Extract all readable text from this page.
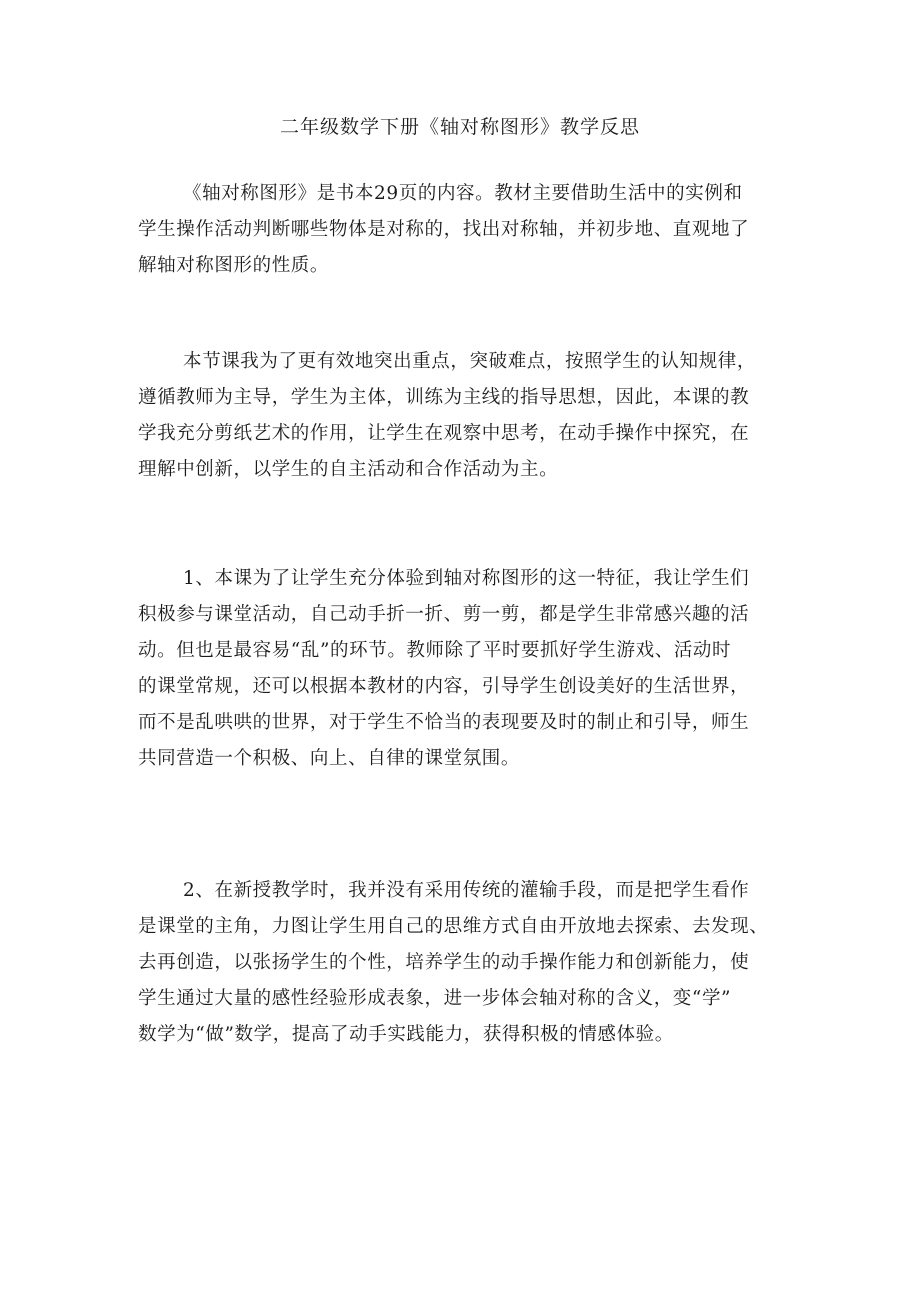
二年级数学下册《轴对称图形》教学反思
《轴对称图形》是书本29页的内容。教材主要借助生活中的实例和
学生操作活动判断哪些物体是对称的，找出对称轴，并初步地、直观地了
解轴对称图形的性质。
本节课我为了更有效地突出重点，突破难点，按照学生的认知规律，
遵循教师为主导，学生为主体，训练为主线的指导思想，因此，本课的教
学我充分剪纸艺术的作用，让学生在观察中思考，在动手操作中探究，在
理解中创新，以学生的自主活动和合作活动为主。
1、本课为了让学生充分体验到轴对称图形的这一特征，我让学生们
积极参与课堂活动，自己动手折一折、剪一剪，都是学生非常感兴趣的活
动。但也是最容易“乱”的环节。教师除了平时要抓好学生游戏、活动时
的课堂常规，还可以根据本教材的内容，引导学生创设美好的生活世界，
而不是乱哄哄的世界，对于学生不恰当的表现要及时的制止和引导，师生
共同营造一个积极、向上、自律的课堂氛围。
2、在新授教学时，我并没有采用传统的灌输手段，而是把学生看作
是课堂的主角，力图让学生用自己的思维方式自由开放地去探索、去发现、
去再创造，以张扬学生的个性，培养学生的动手操作能力和创新能力，使
学生通过大量的感性经验形成表象，进一步体会轴对称的含义，变“学”
数学为“做”数学，提高了动手实践能力，获得积极的情感体验。
